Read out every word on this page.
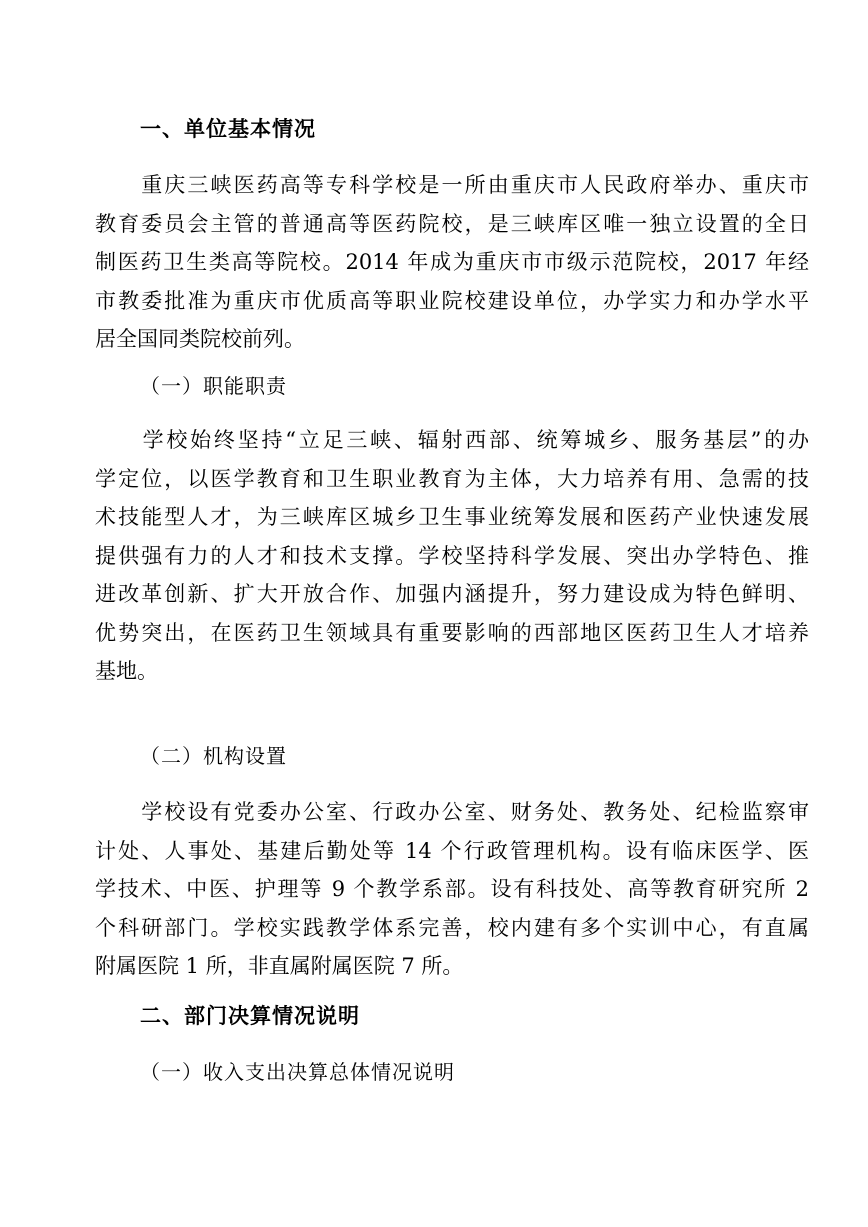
一、单位基本情况
　　重庆三峡医药高等专科学校是一所由重庆市人民政府举办、重庆市
教育委员会主管的普通高等医药院校，是三峡库区唯一独立设置的全日
制医药卫生类高等院校。2014 年成为重庆市市级示范院校，2017 年经
市教委批准为重庆市优质高等职业院校建设单位，办学实力和办学水平
居全国同类院校前列。
（一）职能职责
　　学校始终坚持“立足三峡、辐射西部、统筹城乡、服务基层”的办
学定位，以医学教育和卫生职业教育为主体，大力培养有用、急需的技
术技能型人才，为三峡库区城乡卫生事业统筹发展和医药产业快速发展
提供强有力的人才和技术支撑。学校坚持科学发展、突出办学特色、推
进改革创新、扩大开放合作、加强内涵提升，努力建设成为特色鲜明、
优势突出，在医药卫生领域具有重要影响的西部地区医药卫生人才培养
基地。
（二）机构设置
　　学校设有党委办公室、行政办公室、财务处、教务处、纪检监察审
计处、人事处、基建后勤处等 14 个行政管理机构。设有临床医学、医
学技术、中医、护理等 9 个教学系部。设有科技处、高等教育研究所 2
个科研部门。学校实践教学体系完善，校内建有多个实训中心，有直属
附属医院 1 所，非直属附属医院 7 所。
二、部门决算情况说明
（一）收入支出决算总体情况说明
